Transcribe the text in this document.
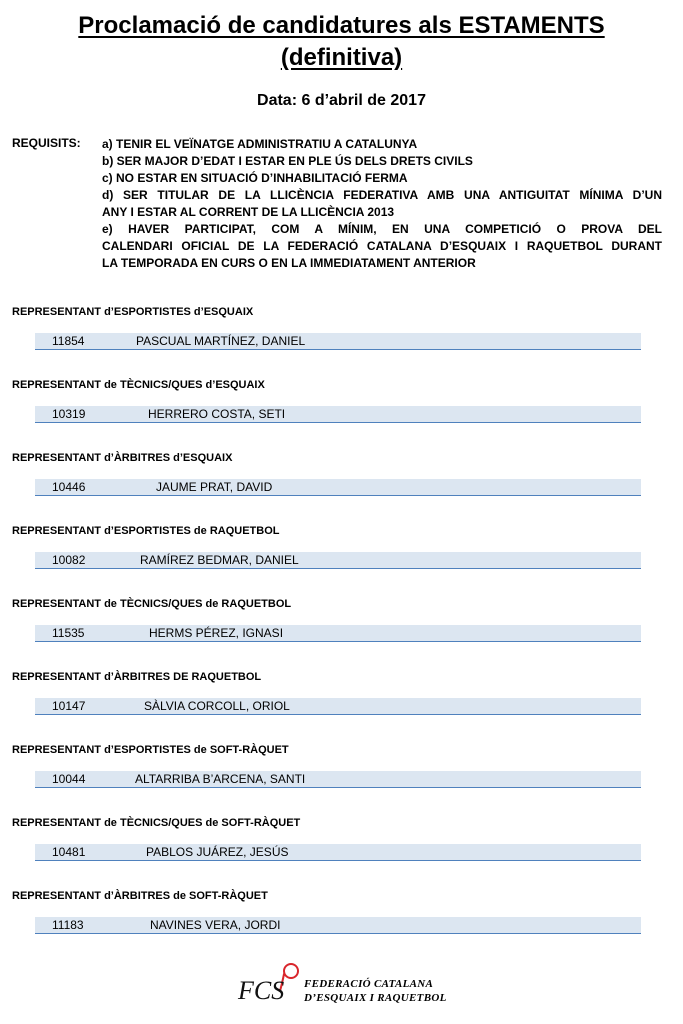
Proclamació de candidatures als ESTAMENTS
(definitiva)
Data: 6 d’abril de 2017
REQUISITS: a) TENIR EL VEÏNATGE ADMINISTRATIU A CATALUNYA
b) SER MAJOR D’EDAT I ESTAR EN PLE ÚS DELS DRETS CIVILS
c) NO ESTAR EN SITUACIÓ D’INHABILITACIÓ FERMA
d) SER TITULAR DE LA LLICÈNCIA FEDERATIVA AMB UNA ANTIGUITAT MÍNIMA D’UN
ANY I ESTAR AL CORRENT DE LA LLICÈNCIA 2013
e) HAVER PARTICIPAT, COM A MÍNIM, EN UNA COMPETICIÓ O PROVA DEL
CALENDARI OFICIAL DE LA FEDERACIÓ CATALANA D’ESQUAIX I RAQUETBOL DURANT
LA TEMPORADA EN CURS O EN LA IMMEDIATAMENT ANTERIOR
REPRESENTANT d’ESPORTISTES d’ESQUAIX
11854	PASCUAL MARTÍNEZ, DANIEL
REPRESENTANT de TÈCNICS/QUES d’ESQUAIX
10319	HERRERO COSTA, SETI
REPRESENTANT d’ÀRBITRES d’ESQUAIX
10446	JAUME PRAT, DAVID
REPRESENTANT d’ESPORTISTES de RAQUETBOL
10082	RAMÍREZ BEDMAR, DANIEL
REPRESENTANT de TÈCNICS/QUES de RAQUETBOL
11535	HERMS PÉREZ, IGNASI
REPRESENTANT d’ÀRBITRES DE RAQUETBOL
10147	SÀLVIA CORCOLL, ORIOL
REPRESENTANT d’ESPORTISTES de SOFT-RÀQUET
10044	ALTARRIBA B’ARCENA, SANTI
REPRESENTANT de TÈCNICS/QUES de SOFT-RÀQUET
10481	PABLOS JUÁREZ, JESÚS
REPRESENTANT d’ÀRBITRES de SOFT-RÀQUET
11183	NAVINES VERA, JORDI
FCS FEDERACIÓ CATALANA
D’ESQUAIX I RAQUETBOL
